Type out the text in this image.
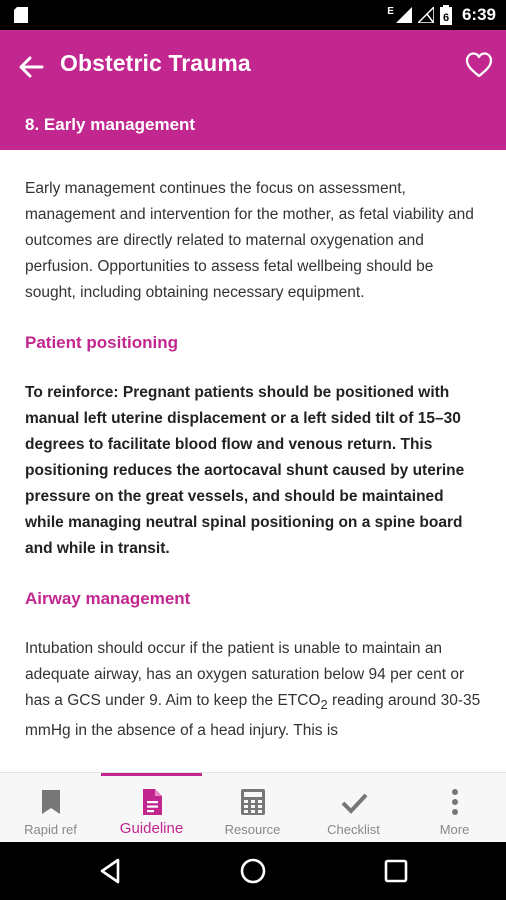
E
6 6:39
Obstetric Trauma
8. Early management

Early management continues the focus on assessment, management and intervention for the mother, as fetal viability and outcomes are directly related to maternal oxygenation and perfusion. Opportunities to assess fetal wellbeing should be sought, including obtaining necessary equipment.

Patient positioning

To reinforce: Pregnant patients should be positioned with manual left uterine displacement or a left sided tilt of 15–30 degrees to facilitate blood flow and venous return. This positioning reduces the aortocaval shunt caused by uterine pressure on the great vessels, and should be maintained while managing neutral spinal positioning on a spine board and while in transit.

Airway management

Intubation should occur if the patient is unable to maintain an adequate airway, has an oxygen saturation below 94 per cent or has a GCS under 9. Aim to keep the $ETCO_2$ reading around 30-35 mmHg in the absence of a head injury. This is

Rapid ref	Guideline	Resource	Checklist	More
